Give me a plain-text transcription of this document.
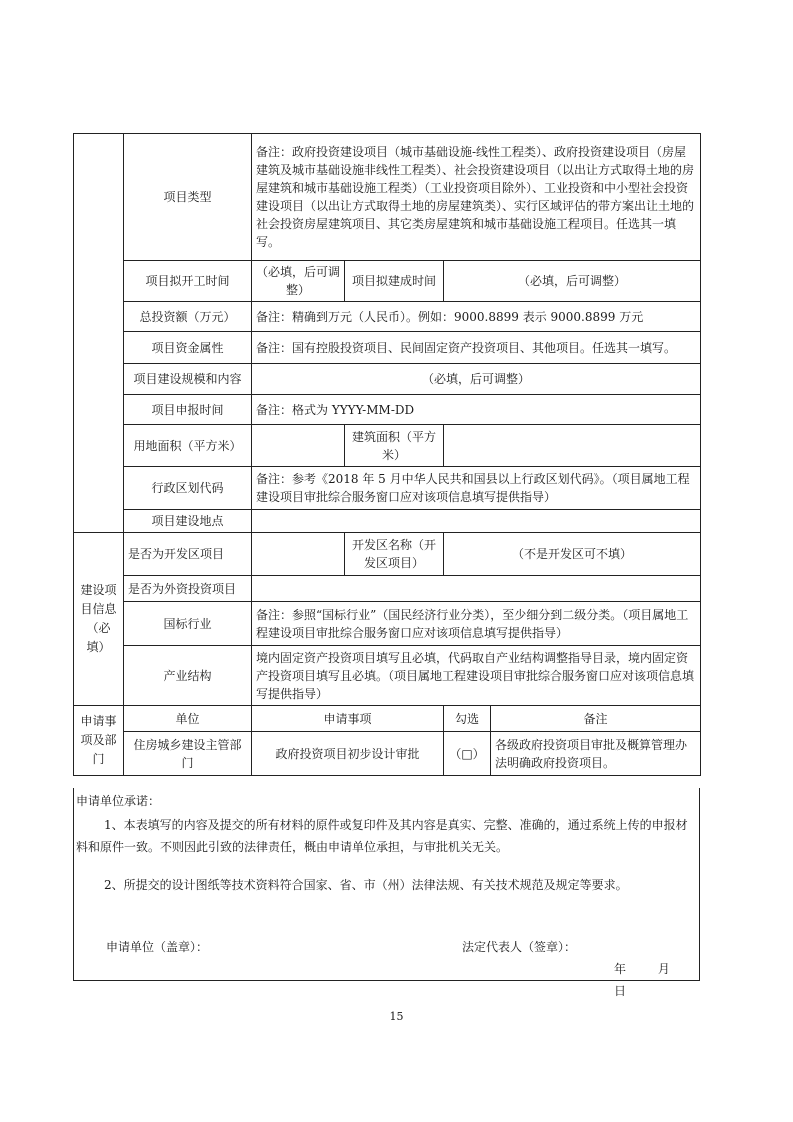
	项目类型	备注：政府投资建设项目（城市基础设施-线性工程类）、政府投资建设项目（房屋建筑及城市基础设施非线性工程类）、社会投资建设项目（以出让方式取得土地的房屋建筑和城市基础设施工程类）（工业投资项目除外）、工业投资和中小型社会投资建设项目（以出让方式取得土地的房屋建筑类）、实行区域评估的带方案出让土地的社会投资房屋建筑项目、其它类房屋建筑和城市基础设施工程项目。任选其一填写。			
	项目拟开工时间	（必填，后可调整）	项目拟建成时间	（必填，后可调整）	
	总投资额（万元）	备注：精确到万元（人民币）。例如：9000.8899 表示 9000.8899 万元			
	项目资金属性	备注：国有控股投资项目、民间固定资产投资项目、其他项目。任选其一填写。			
	项目建设规模和内容	（必填，后可调整）			
	项目申报时间	备注：格式为 YYYY-MM-DD			
	用地面积（平方米）		建筑面积（平方米）		
	行政区划代码	备注：参考《2018 年 5 月中华人民共和国县以上行政区划代码》。（项目属地工程建设项目审批综合服务窗口应对该项信息填写提供指导）			
	项目建设地点				
建设项目信息（必填）	是否为开发区项目		开发区名称（开发区项目）	（不是开发区可不填）	
	是否为外资投资项目				
	国标行业	备注：参照“国标行业”（国民经济行业分类），至少细分到二级分类。（项目属地工程建设项目审批综合服务窗口应对该项信息填写提供指导）			
	产业结构	境内固定资产投资项目填写且必填，代码取自产业结构调整指导目录，境内固定资产投资项目填写且必填。（项目属地工程建设项目审批综合服务窗口应对该项信息填写提供指导）			
申请事项及部门	单位	申请事项		勾选	备注
	住房城乡建设主管部门	政府投资项目初步设计审批		（□）	各级政府投资项目审批及概算管理办法明确政府投资项目。
申请单位承诺：
1、本表填写的内容及提交的所有材料的原件或复印件及其内容是真实、完整、准确的，通过系统上传的申报材料和原件一致。不则因此引致的法律责任，概由申请单位承担，与审批机关无关。
2、所提交的设计图纸等技术资料符合国家、省、市（州）法律法规、有关技术规范及规定等要求。
申请单位（盖章）：	法定代表人（签章）：
年 月 日
15
